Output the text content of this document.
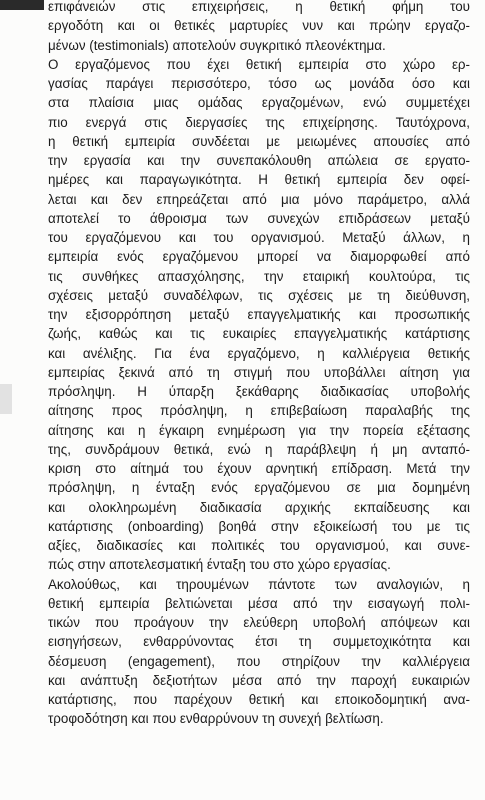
επιφάνειών στις επιχειρήσεις, η θετική φήμη του
εργοδότη και οι θετικές μαρτυρίες νυν και πρώην εργαζο-
μένων (testimonials) αποτελούν συγκριτικό πλεονέκτημα.
Ο εργαζόμενος που έχει θετική εμπειρία στο χώρο ερ-
γασίας παράγει περισσότερο, τόσο ως μονάδα όσο και
στα πλαίσια μιας ομάδας εργαζομένων, ενώ συμμετέχει
πιο ενεργά στις διεργασίες της επιχείρησης. Ταυτόχρονα,
η θετική εμπειρία συνδέεται με μειωμένες απουσίες από
την εργασία και την συνεπακόλουθη απώλεια σε εργατο-
ημέρες και παραγωγικότητα. Η θετική εμπειρία δεν οφεί-
λεται και δεν επηρεάζεται από μια μόνο παράμετρο, αλλά
αποτελεί το άθροισμα των συνεχών επιδράσεων μεταξύ
του εργαζόμενου και του οργανισμού. Μεταξύ άλλων, η
εμπειρία ενός εργαζόμενου μπορεί να διαμορφωθεί από
τις συνθήκες απασχόλησης, την εταιρική κουλτούρα, τις
σχέσεις μεταξύ συναδέλφων, τις σχέσεις με τη διεύθυνση,
την εξισορρόπηση μεταξύ επαγγελματικής και προσωπικής
ζωής, καθώς και τις ευκαιρίες επαγγελματικής κατάρτισης
και ανέλιξης. Για ένα εργαζόμενο, η καλλιέργεια θετικής
εμπειρίας ξεκινά από τη στιγμή που υποβάλλει αίτηση για
πρόσληψη. Η ύπαρξη ξεκάθαρης διαδικασίας υποβολής
αίτησης προς πρόσληψη, η επιβεβαίωση παραλαβής της
αίτησης και η έγκαιρη ενημέρωση για την πορεία εξέτασης
της, συνδράμουν θετικά, ενώ η παράβλεψη ή μη ανταπό-
κριση στο αίτημά του έχουν αρνητική επίδραση. Μετά την
πρόσληψη, η ένταξη ενός εργαζόμενου σε μια δομημένη
και ολοκληρωμένη διαδικασία αρχικής εκπαίδευσης και
κατάρτισης (onboarding) βοηθά στην εξοικείωσή του με τις
αξίες, διαδικασίες και πολιτικές του οργανισμού, και συνε-
πώς στην αποτελεσματική ένταξη του στο χώρο εργασίας.
Ακολούθως, και τηρουμένων πάντοτε των αναλογιών, η
θετική εμπειρία βελτιώνεται μέσα από την εισαγωγή πολι-
τικών που προάγουν την ελεύθερη υποβολή απόψεων και
εισηγήσεων, ενθαρρύνοντας έτσι τη συμμετοχικότητα και
δέσμευση (engagement), που στηρίζουν την καλλιέργεια
και ανάπτυξη δεξιοτήτων μέσα από την παροχή ευκαιριών
κατάρτισης, που παρέχουν θετική και εποικοδομητική ανα-
τροφοδότηση και που ενθαρρύνουν τη συνεχή βελτίωση.
